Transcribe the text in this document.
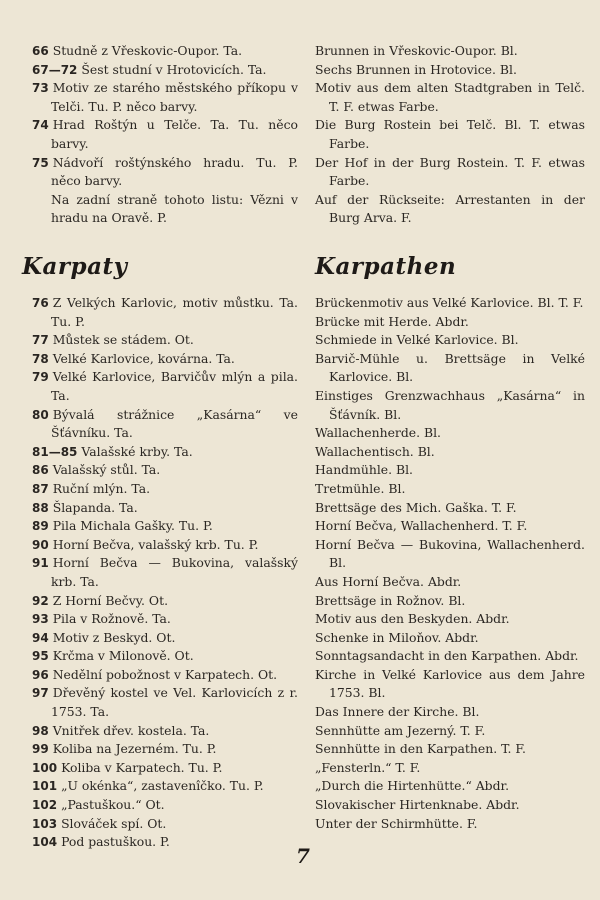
66 Studně z Vřeskovic-Oupor. Ta.
67—72 Šest studní v Hrotovicích. Ta.
73 Motiv ze starého městského příkopu v Telči. Tu. P. něco barvy.
74 Hrad Roštýn u Telče. Ta. Tu. něco barvy.
75 Nádvoří roštýnského hradu. Tu. P. něco barvy.
Na zadní straně tohoto listu: Vězni v hradu na Oravě. P.
Brunnen in Vřeskovic-Oupor. Bl.
Sechs Brunnen in Hrotovice. Bl.
Motiv aus dem alten Stadtgraben in Telč. T. F. etwas Farbe.
Die Burg Rostein bei Telč. Bl. T. etwas Farbe.
Der Hof in der Burg Rostein. T. F. etwas Farbe.
Auf der Rückseite: Arrestanten in der Burg Arva. F.
Karpaty	Karpathen
76 Z Velkých Karlovic, motiv můstku. Ta. Tu. P.
77 Můstek se stádem. Ot.
78 Velké Karlovice, kovárna. Ta.
79 Velké Karlovice, Barvičův mlýn a pila. Ta.
80 Bývalá strážnice „Kasárna“ ve Šťávníku. Ta.
81—85 Valašské krby. Ta.
86 Valašský stůl. Ta.
87 Ruční mlýn. Ta.
88 Šlapanda. Ta.
89 Pila Michala Gašky. Tu. P.
90 Horní Bečva, valašský krb. Tu. P.
91 Horní Bečva — Bukovina, valašský krb. Ta.
92 Z Horní Bečvy. Ot.
93 Pila v Rožnově. Ta.
94 Motiv z Beskyd. Ot.
95 Krčma v Milonově. Ot.
96 Nedělní pobožnost v Karpatech. Ot.
97 Dřevěný kostel ve Vel. Karlovicích z r. 1753. Ta.
98 Vnitřek dřev. kostela. Ta.
99 Koliba na Jezerném. Tu. P.
100 Koliba v Karpatech. Tu. P.
101 „U okénka“, zastavenîčko. Tu. P.
102 „Pastuškou.“ Ot.
103 Slováček spí. Ot.
104 Pod pastuškou. P.
Brückenmotiv aus Velké Karlovice. Bl. T. F.
Brücke mit Herde. Abdr.
Schmiede in Velké Karlovice. Bl.
Barvič-Mühle u. Brettsäge in Velké Karlovice. Bl.
Einstiges Grenzwachhaus „Kasárna“ in Šťávník. Bl.
Wallachenherde. Bl.
Wallachentisch. Bl.
Handmühle. Bl.
Tretmühle. Bl.
Brettsäge des Mich. Gaška. T. F.
Horní Bečva, Wallachenherd. T. F.
Horní Bečva — Bukovina, Wallachenherd. Bl.
Aus Horní Bečva. Abdr.
Brettsäge in Rožnov. Bl.
Motiv aus den Beskyden. Abdr.
Schenke in Miloňov. Abdr.
Sonntagsandacht in den Karpathen. Abdr.
Kirche in Velké Karlovice aus dem Jahre 1753. Bl.
Das Innere der Kirche. Bl.
Sennhütte am Jezerný. T. F.
Sennhütte in den Karpathen. T. F.
„Fensterln.“ T. F.
„Durch die Hirtenhütte.“ Abdr.
Slovakischer Hirtenknabe. Abdr.
Unter der Schirmhütte. F.
7
